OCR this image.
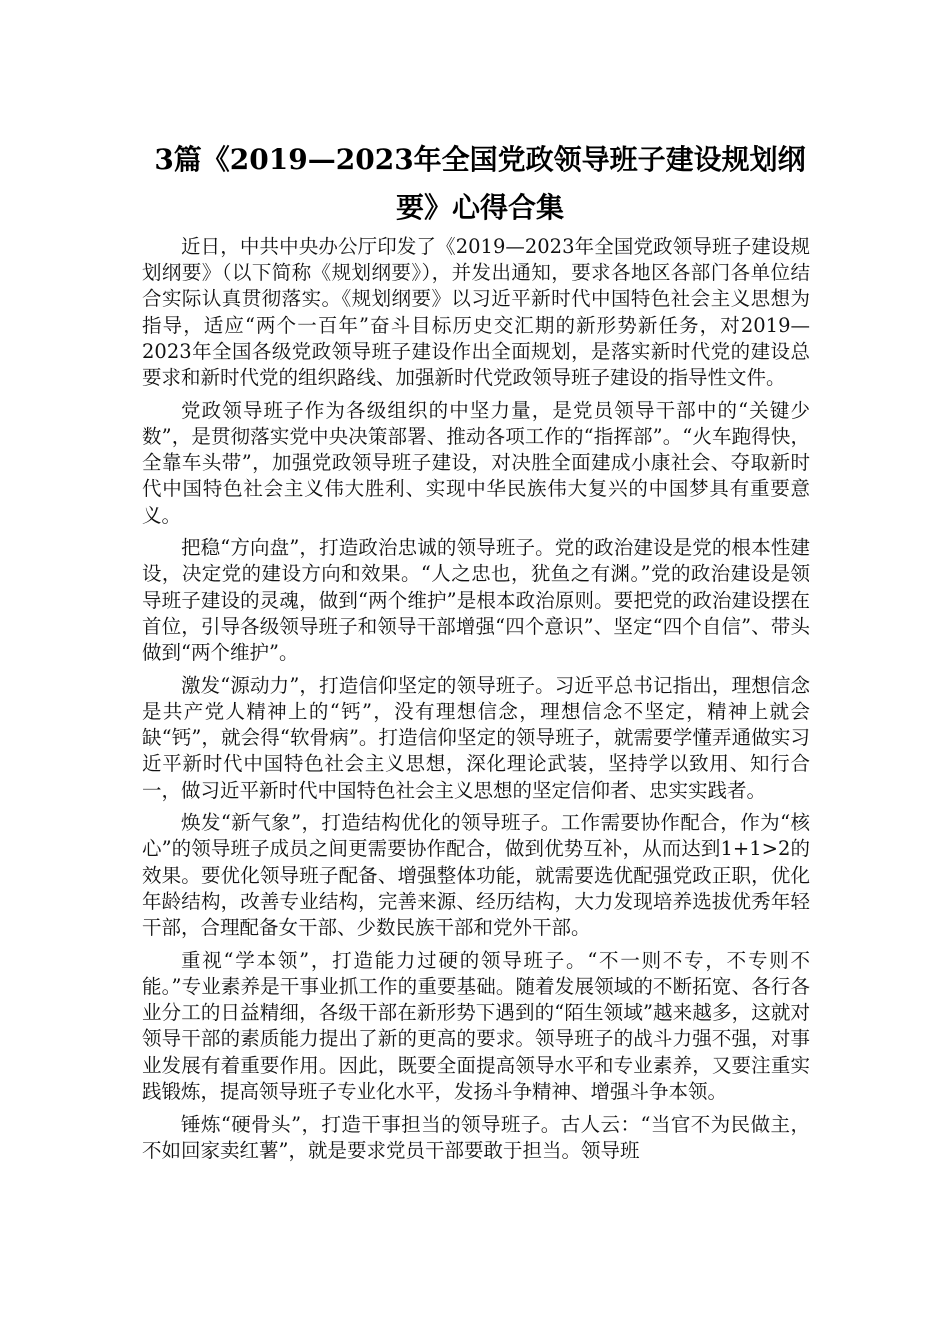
3篇《2019—2023年全国党政领导班子建设规划纲
要》心得合集

近日，中共中央办公厅印发了《2019—2023年全国党政领导班子建设规划纲要》（以下简称《规划纲要》），并发出通知，要求各地区各部门各单位结合实际认真贯彻落实。《规划纲要》以习近平新时代中国特色社会主义思想为指导，适应“两个一百年”奋斗目标历史交汇期的新形势新任务，对2019—2023年全国各级党政领导班子建设作出全面规划，是落实新时代党的建设总要求和新时代党的组织路线、加强新时代党政领导班子建设的指导性文件。

党政领导班子作为各级组织的中坚力量，是党员领导干部中的“关键少数”，是贯彻落实党中央决策部署、推动各项工作的“指挥部”。“火车跑得快，全靠车头带”，加强党政领导班子建设，对决胜全面建成小康社会、夺取新时代中国特色社会主义伟大胜利、实现中华民族伟大复兴的中国梦具有重要意义。

把稳“方向盘”，打造政治忠诚的领导班子。党的政治建设是党的根本性建设，决定党的建设方向和效果。“人之忠也，犹鱼之有渊。”党的政治建设是领导班子建设的灵魂，做到“两个维护”是根本政治原则。要把党的政治建设摆在首位，引导各级领导班子和领导干部增强“四个意识”、坚定“四个自信”、带头做到“两个维护”。

激发“源动力”，打造信仰坚定的领导班子。习近平总书记指出，理想信念是共产党人精神上的“钙”，没有理想信念，理想信念不坚定，精神上就会缺“钙”，就会得“软骨病”。打造信仰坚定的领导班子，就需要学懂弄通做实习近平新时代中国特色社会主义思想，深化理论武装，坚持学以致用、知行合一，做习近平新时代中国特色社会主义思想的坚定信仰者、忠实实践者。

焕发“新气象”，打造结构优化的领导班子。工作需要协作配合，作为“核心”的领导班子成员之间更需要协作配合，做到优势互补，从而达到1+1>2的效果。要优化领导班子配备、增强整体功能，就需要选优配强党政正职，优化年龄结构，改善专业结构，完善来源、经历结构，大力发现培养选拔优秀年轻干部，合理配备女干部、少数民族干部和党外干部。

重视“学本领”，打造能力过硬的领导班子。“不一则不专，不专则不能。”专业素养是干事业抓工作的重要基础。随着发展领域的不断拓宽、各行各业分工的日益精细，各级干部在新形势下遇到的“陌生领域”越来越多，这就对领导干部的素质能力提出了新的更高的要求。领导班子的战斗力强不强，对事业发展有着重要作用。因此，既要全面提高领导水平和专业素养，又要注重实践锻炼，提高领导班子专业化水平，发扬斗争精神、增强斗争本领。

锤炼“硬骨头”，打造干事担当的领导班子。古人云：“当官不为民做主，不如回家卖红薯”，就是要求党员干部要敢于担当。领导班
